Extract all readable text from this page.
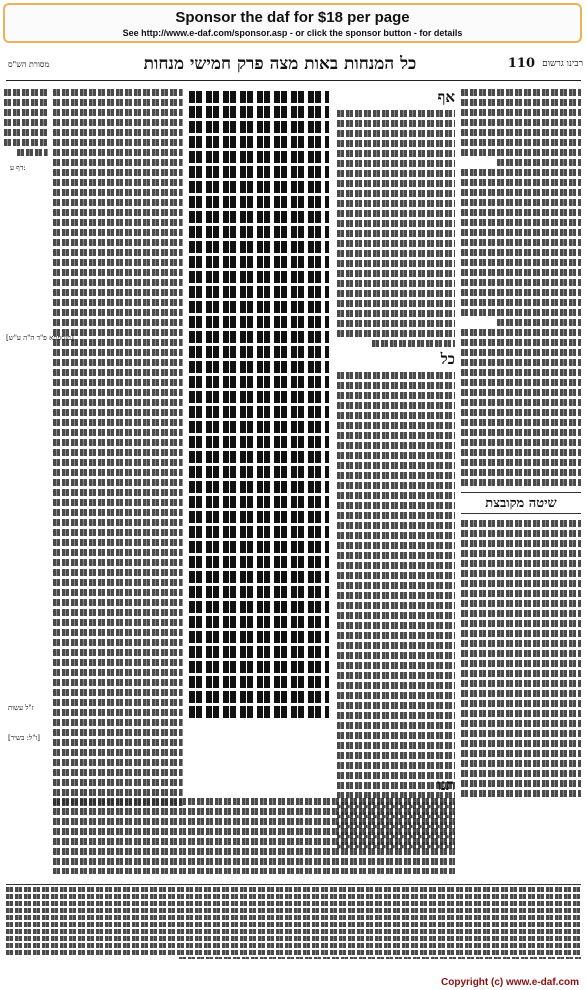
Sponsor the daf for $18 per page
See http://www.e-daf.com/sponsor.asp - or click the sponsor button - for details
רבינו גרשום
110
כל המנחות באות מצה פרק חמישי מנחות
מסורת הש"ס
שיטה מקובצת
אף
כל
תנו
דף ע:
[מוספתא פ"ד ה"ה ע"ש]
ז"ל עשות
[ו"ל: בשיר]
Copyright (c) www.e-daf.com
